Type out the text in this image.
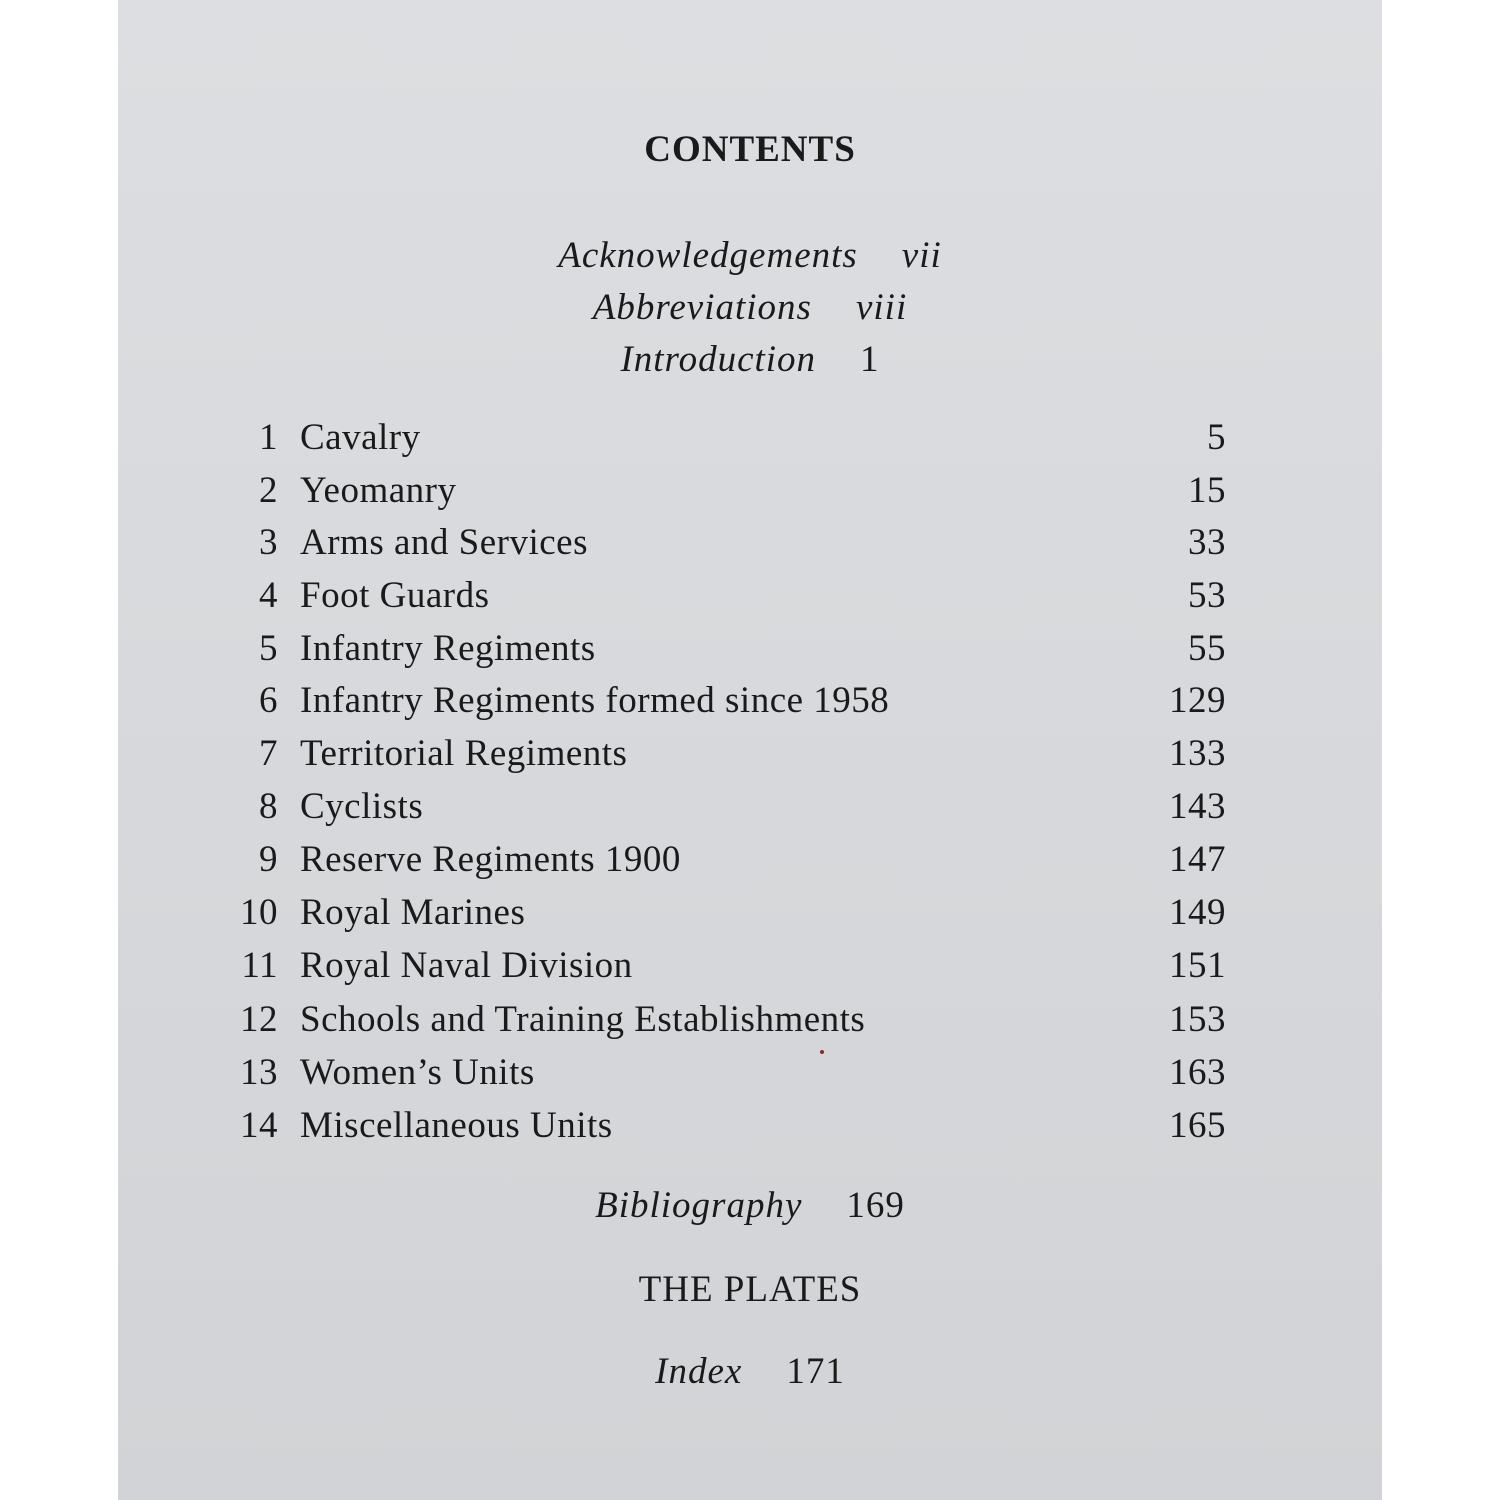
CONTENTS
Acknowledgements vii
Abbreviations viii
Introduction 1
1 Cavalry	5
2 Yeomanry	15
3 Arms and Services	33
4 Foot Guards	53
5 Infantry Regiments	55
6 Infantry Regiments formed since 1958	129
7 Territorial Regiments	133
8 Cyclists	143
9 Reserve Regiments 1900	147
10 Royal Marines	149
11 Royal Naval Division	151
12 Schools and Training Establishments	153
13 Women’s Units	163
14 Miscellaneous Units	165
Bibliography 169
THE PLATES
Index 171
